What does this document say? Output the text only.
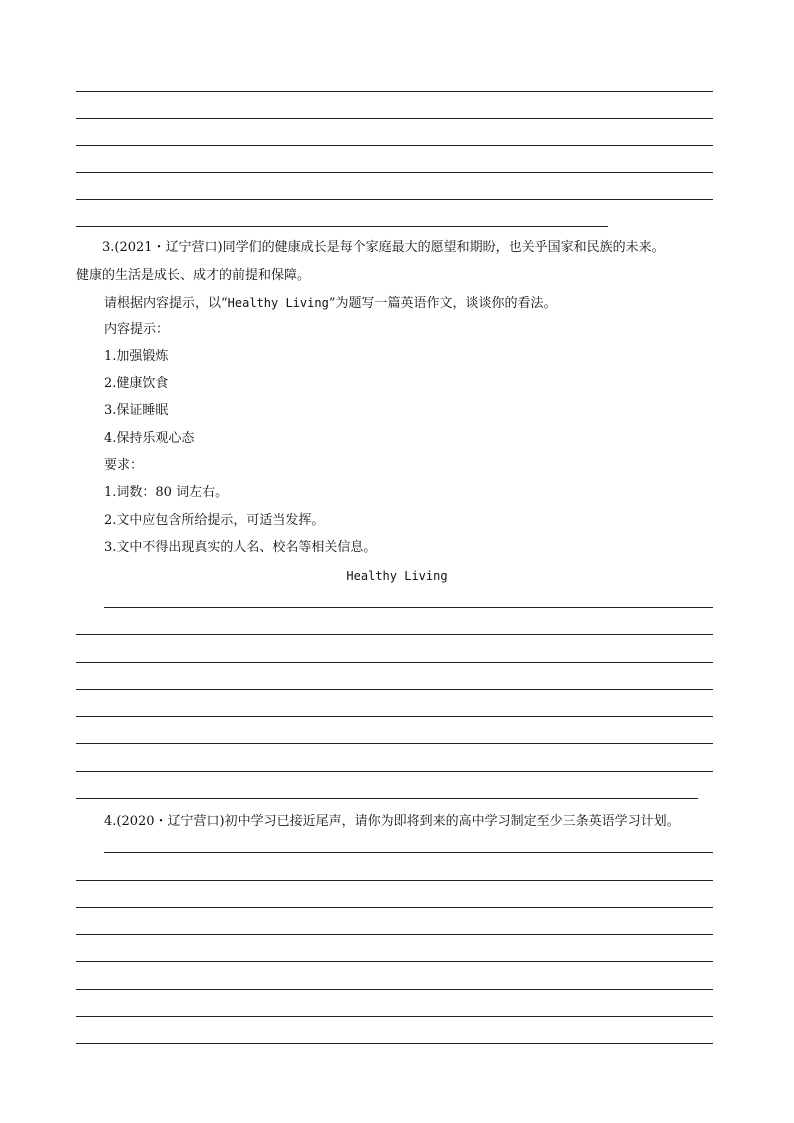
3.(2021・辽宁营口)同学们的健康成长是每个家庭最大的愿望和期盼，也关乎国家和民族的未来。
健康的生活是成长、成才的前提和保障。
请根据内容提示，以“Healthy Living”为题写一篇英语作文，谈谈你的看法。
内容提示：
1.加强锻炼
2.健康饮食
3.保证睡眠
4.保持乐观心态
要求：
1.词数：80 词左右。
2.文中应包含所给提示，可适当发挥。
3.文中不得出现真实的人名、校名等相关信息。
Healthy Living
4.(2020・辽宁营口)初中学习已接近尾声，请你为即将到来的高中学习制定至少三条英语学习计划。
